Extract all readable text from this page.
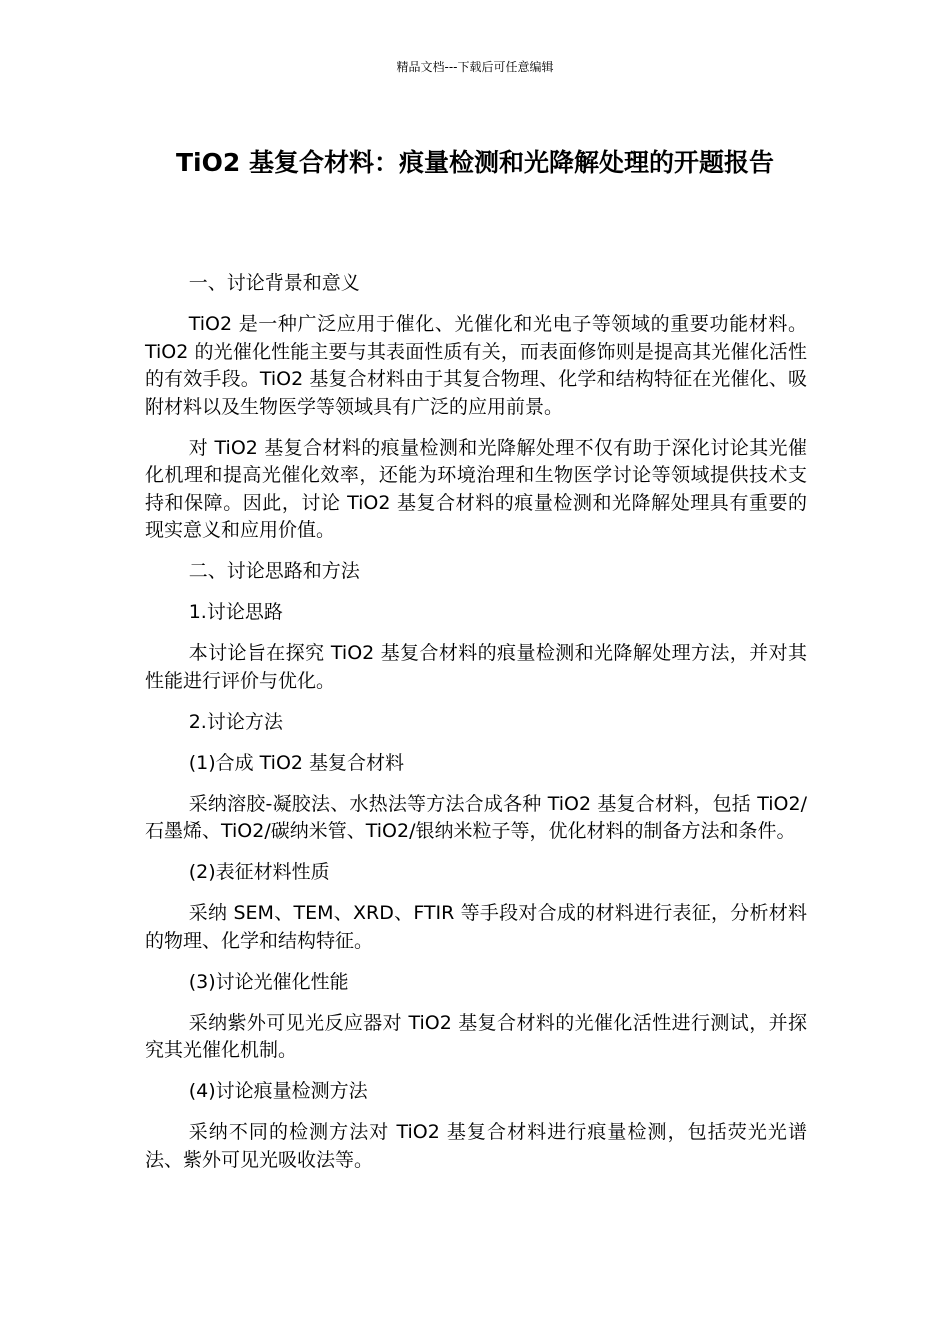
精品文档---下载后可任意编辑
TiO2 基复合材料：痕量检测和光降解处理的开题报告

一、讨论背景和意义

TiO2 是一种广泛应用于催化、光催化和光电子等领域的重要功能材料。TiO2 的光催化性能主要与其表面性质有关，而表面修饰则是提高其光催化活性的有效手段。TiO2 基复合材料由于其复合物理、化学和结构特征在光催化、吸附材料以及生物医学等领域具有广泛的应用前景。

对 TiO2 基复合材料的痕量检测和光降解处理不仅有助于深化讨论其光催化机理和提高光催化效率，还能为环境治理和生物医学讨论等领域提供技术支持和保障。因此，讨论 TiO2 基复合材料的痕量检测和光降解处理具有重要的现实意义和应用价值。

二、讨论思路和方法

1.讨论思路

本讨论旨在探究 TiO2 基复合材料的痕量检测和光降解处理方法，并对其性能进行评价与优化。

2.讨论方法

(1)合成 TiO2 基复合材料

采纳溶胶-凝胶法、水热法等方法合成各种 TiO2 基复合材料，包括 TiO2/石墨烯、TiO2/碳纳米管、TiO2/银纳米粒子等，优化材料的制备方法和条件。

(2)表征材料性质

采纳 SEM、TEM、XRD、FTIR 等手段对合成的材料进行表征，分析材料的物理、化学和结构特征。

(3)讨论光催化性能

采纳紫外可见光反应器对 TiO2 基复合材料的光催化活性进行测试，并探究其光催化机制。

(4)讨论痕量检测方法

采纳不同的检测方法对 TiO2 基复合材料进行痕量检测，包括荧光光谱法、紫外可见光吸收法等。
